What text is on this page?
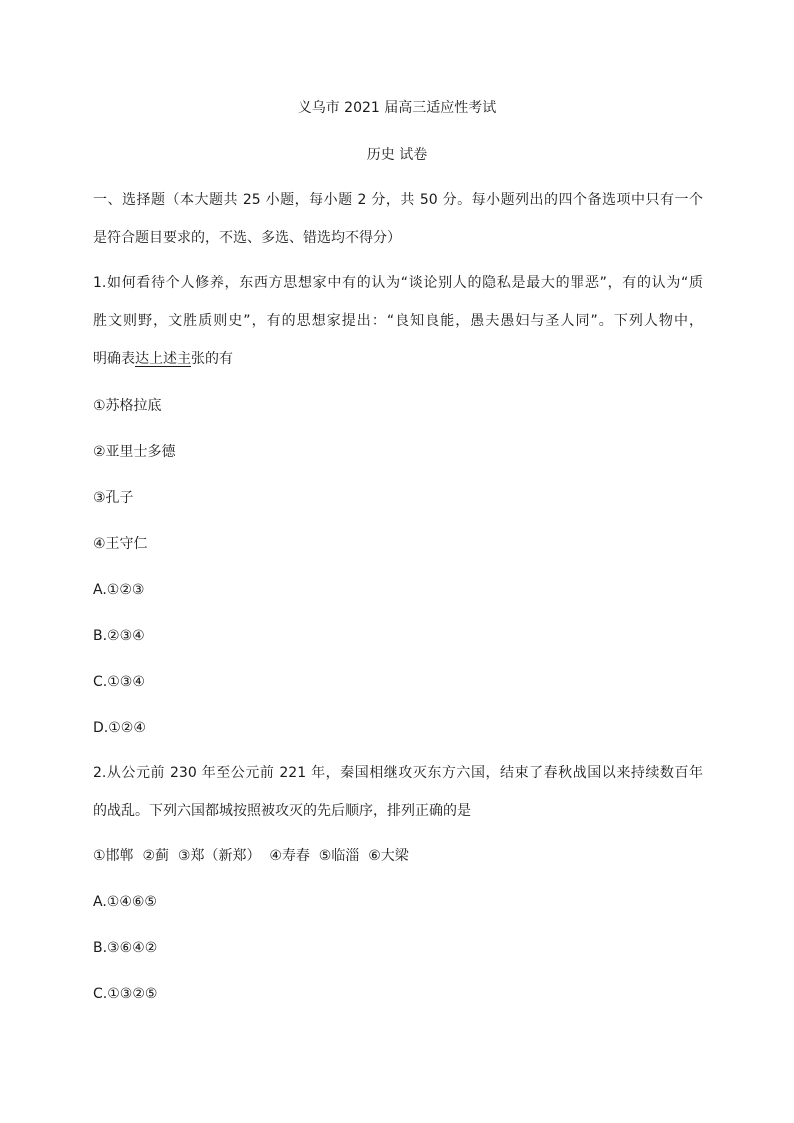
义乌市 2021 届高三适应性考试
历史 试卷
一、选择题（本大题共 25 小题，每小题 2 分，共 50 分。每小题列出的四个备选项中只有一个
是符合题目要求的，不选、多选、错选均不得分）
1.如何看待个人修养，东西方思想家中有的认为“谈论别人的隐私是最大的罪恶”，有的认为“质
胜文则野，文胜质则史”，有的思想家提出：“良知良能，愚夫愚妇与圣人同”。下列人物中，
明确表达上述主张的有
①苏格拉底
②亚里士多德
③孔子
④王守仁
A.①②③
B.②③④
C.①③④
D.①②④
2.从公元前 230 年至公元前 221 年，秦国相继攻灭东方六国，结束了春秋战国以来持续数百年
的战乱。下列六国都城按照被攻灭的先后顺序，排列正确的是
①邯郸  ②蓟  ③郑（新郑）  ④寿春  ⑤临淄  ⑥大梁
A.①④⑥⑤
B.③⑥④②
C.①③②⑤
